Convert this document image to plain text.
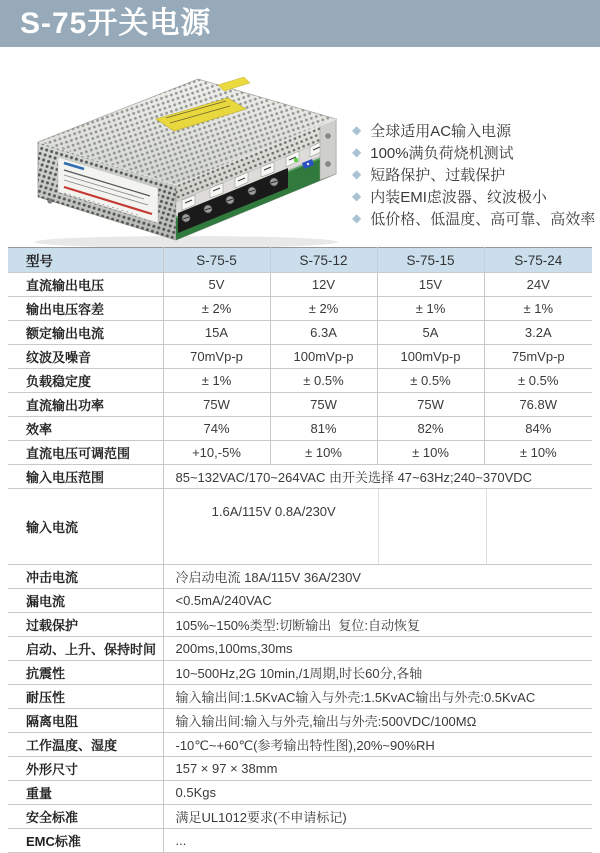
S-75开关电源
◆ 全球适用AC输入电源
◆ 100%满负荷烧机测试
◆ 短路保护、过载保护
◆ 内装EMI虑波器、纹波极小
◆ 低价格、低温度、高可靠、高效率
型号	S-75-5	S-75-12	S-75-15	S-75-24
直流输出电压	5V	12V	15V	24V
输出电压容差	± 2%	± 2%	± 1%	± 1%
额定输出电流	15A	6.3A	5A	3.2A
纹波及噪音	70mVp-p	100mVp-p	100mVp-p	75mVp-p
负载稳定度	± 1%	± 0.5%	± 0.5%	± 0.5%
直流输出功率	75W	75W	75W	76.8W
效率	74%	81%	82%	84%
直流电压可调范围	+10,-5%	± 10%	± 10%	± 10%
输入电压范围	85~132VAC/170~264VAC 由开关选择 47~63Hz;240~370VDC			
输入电流	1.6A/115V 0.8A/230V			

冲击电流	冷启动电流 18A/115V 36A/230V			
漏电流	<0.5mA/240VAC			
过载保护	105%~150%类型:切断输出  复位:自动恢复			
启动、上升、保持时间	200ms,100ms,30ms			
抗震性	10~500Hz,2G 10min,/1周期,时长60分,各轴			
耐压性	输入输出间:1.5KvAC输入与外壳:1.5KvAC输出与外壳:0.5KvAC			
隔离电阻	输入输出间:输入与外壳,输出与外壳:500VDC/100MΩ			
工作温度、湿度	-10℃~+60℃(参考输出特性图),20%~90%RH			
外形尺寸	157 × 97 × 38mm			
重量	0.5Kgs			
安全标准	满足UL1012要求(不申请标记)			
EMC标准	...			
